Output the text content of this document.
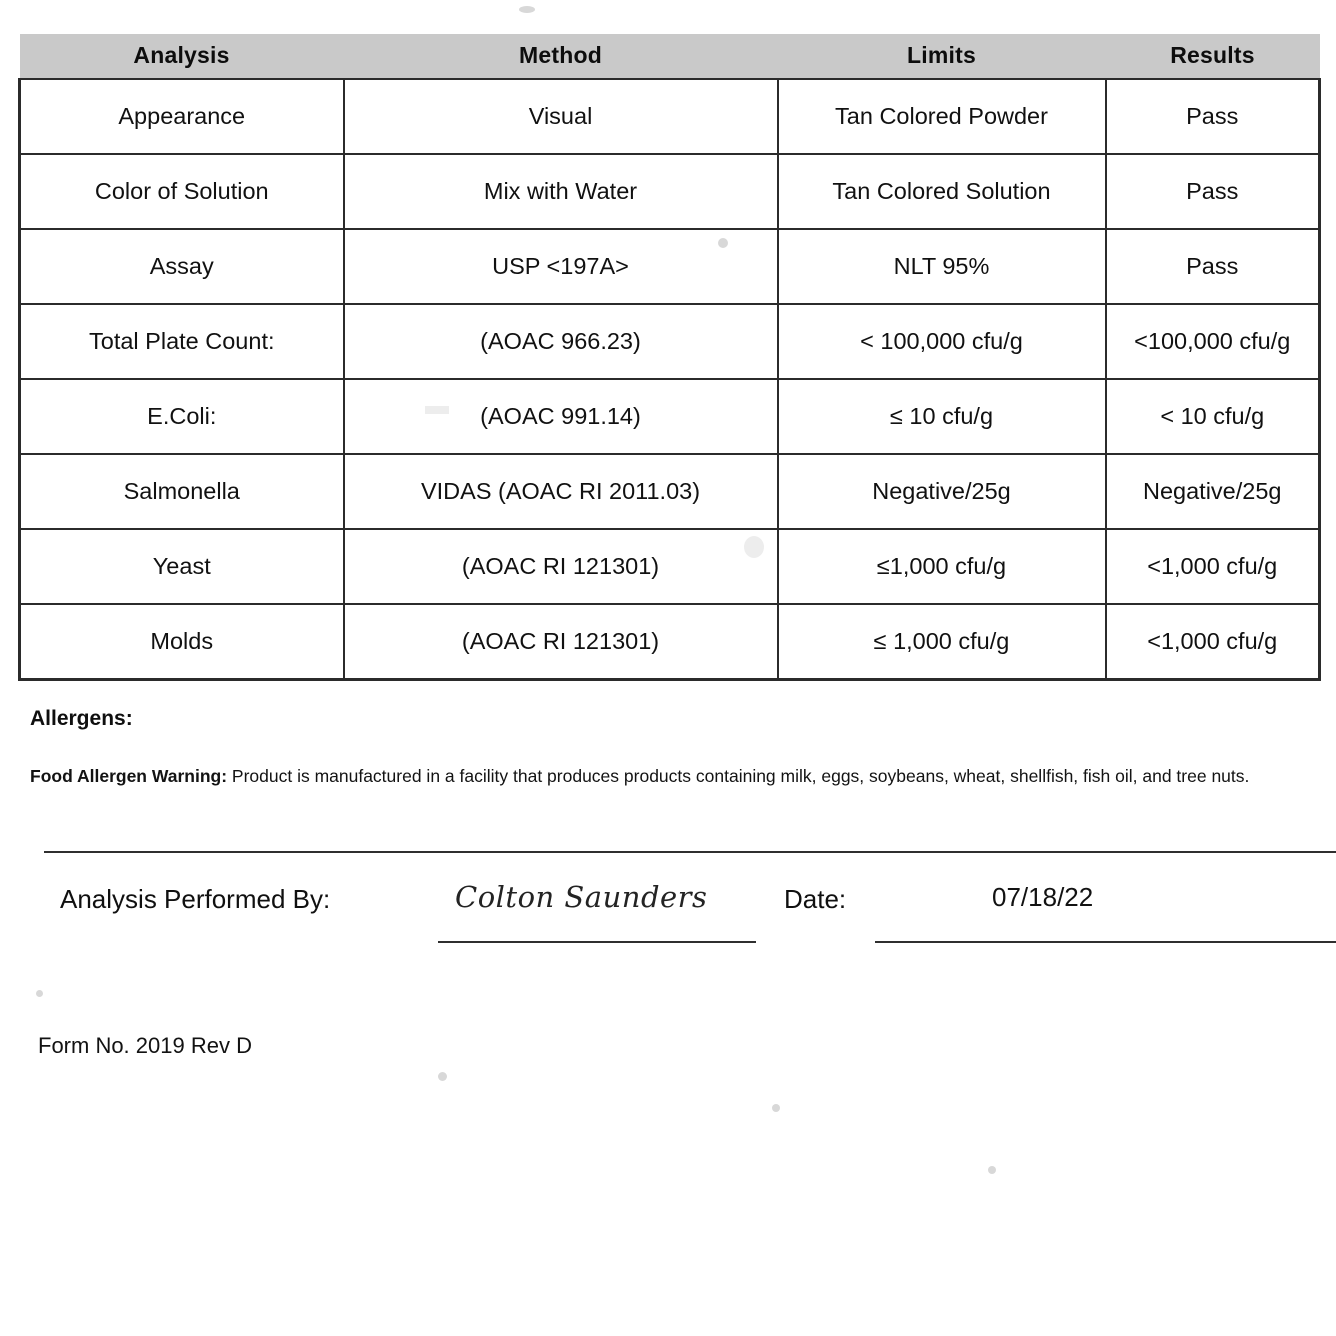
Analysis	Method	Limits	Results
Appearance	Visual	Tan Colored Powder	Pass
Color of Solution	Mix with Water	Tan Colored Solution	Pass
Assay	USP <197A>	NLT 95%	Pass
Total Plate Count:	(AOAC 966.23)	< 100,000 cfu/g	<100,000 cfu/g
E.Coli:	(AOAC 991.14)	≤ 10 cfu/g	< 10 cfu/g
Salmonella	VIDAS (AOAC RI 2011.03)	Negative/25g	Negative/25g
Yeast	(AOAC RI 121301)	≤1,000 cfu/g	<1,000 cfu/g
Molds	(AOAC RI 121301)	≤ 1,000 cfu/g	<1,000 cfu/g
Allergens:
Food Allergen Warning: Product is manufactured in a facility that produces products containing milk, eggs, soybeans, wheat, shellfish, fish oil, and tree nuts.
Analysis Performed By:	Colton Saunders	Date:	07/18/22
Form No. 2019 Rev D
